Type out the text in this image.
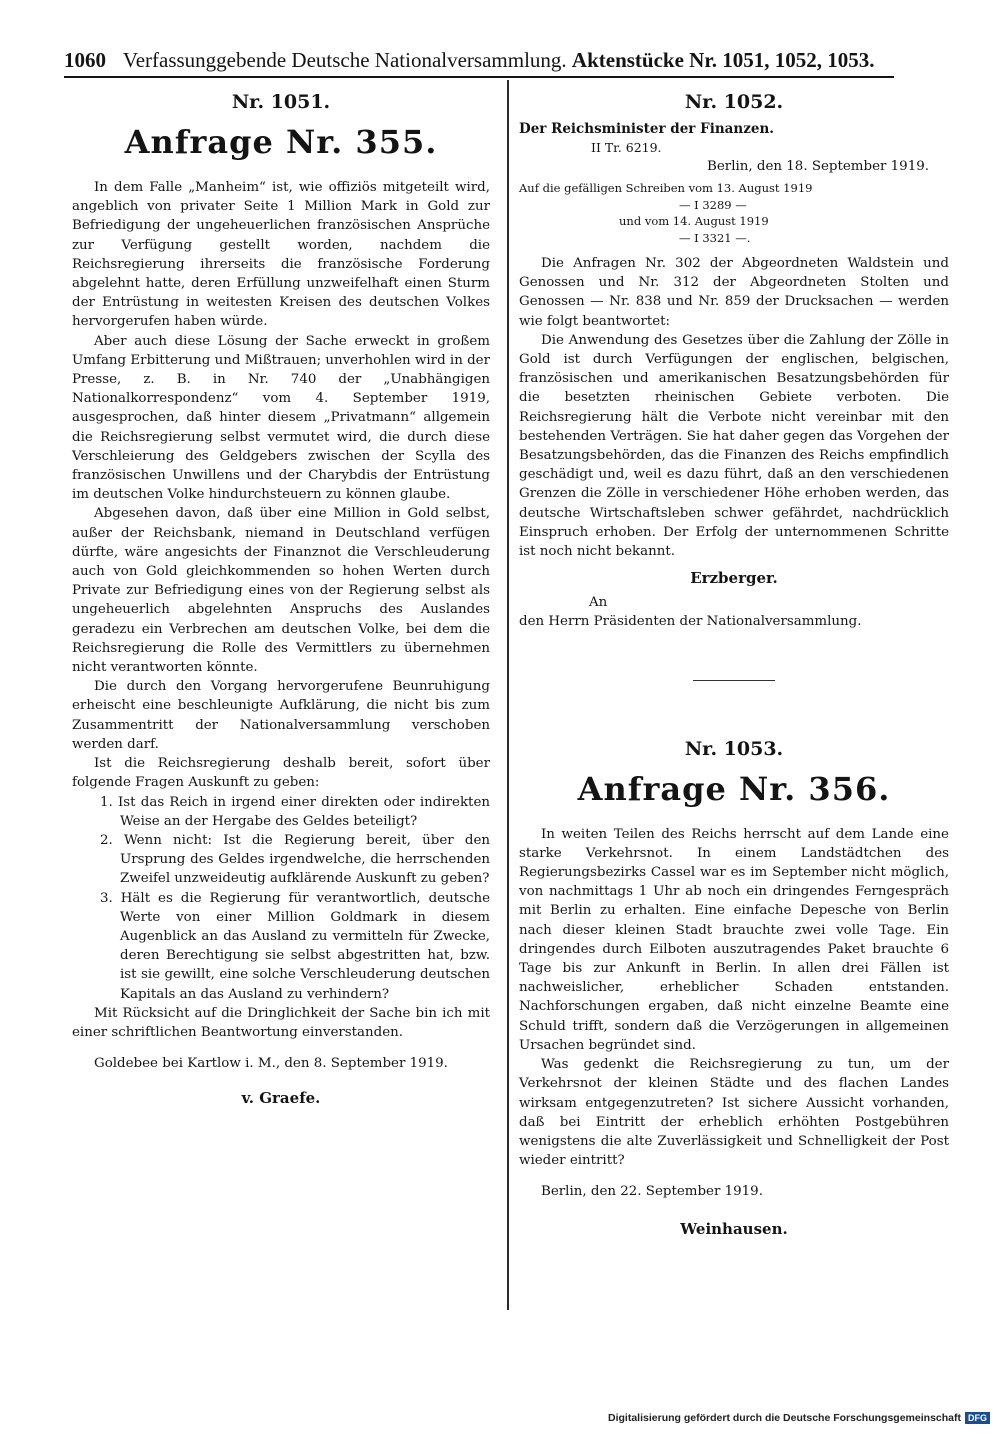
1060 Verfassunggebende Deutsche Nationalversammlung. Aktenstücke Nr. 1051, 1052, 1053.
Nr. 1051.
Anfrage Nr. 355.

In dem Falle „Manheim“ ist, wie offiziös mitgeteilt wird, angeblich von privater Seite 1 Million Mark in Gold zur Befriedigung der ungeheuerlichen französischen Ansprüche zur Verfügung gestellt worden, nachdem die Reichsregierung ihrerseits die französische Forderung abgelehnt hatte, deren Erfüllung unzweifelhaft einen Sturm der Entrüstung in weitesten Kreisen des deutschen Volkes hervorgerufen haben würde.

Aber auch diese Lösung der Sache erweckt in großem Umfang Erbitterung und Mißtrauen; unverhohlen wird in der Presse, z. B. in Nr. 740 der „Unabhängigen Nationalkorrespondenz“ vom 4. September 1919, ausgesprochen, daß hinter diesem „Privatmann“ allgemein die Reichsregierung selbst vermutet wird, die durch diese Verschleierung des Geldgebers zwischen der Scylla des französischen Unwillens und der Charybdis der Entrüstung im deutschen Volke hindurchsteuern zu können glaube.

Abgesehen davon, daß über eine Million in Gold selbst, außer der Reichsbank, niemand in Deutschland verfügen dürfte, wäre angesichts der Finanznot die Verschleuderung auch von Gold gleichkommenden so hohen Werten durch Private zur Befriedigung eines von der Regierung selbst als ungeheuerlich abgelehnten Anspruchs des Auslandes geradezu ein Verbrechen am deutschen Volke, bei dem die Reichsregierung die Rolle des Vermittlers zu übernehmen nicht verantworten könnte.

Die durch den Vorgang hervorgerufene Beunruhigung erheischt eine beschleunigte Aufklärung, die nicht bis zum Zusammentritt der Nationalversammlung verschoben werden darf.

Ist die Reichsregierung deshalb bereit, sofort über folgende Fragen Auskunft zu geben:

1. Ist das Reich in irgend einer direkten oder indirekten Weise an der Hergabe des Geldes beteiligt?

2. Wenn nicht: Ist die Regierung bereit, über den Ursprung des Geldes irgendwelche, die herrschenden Zweifel unzweideutig aufklärende Auskunft zu geben?

3. Hält es die Regierung für verantwortlich, deutsche Werte von einer Million Goldmark in diesem Augenblick an das Ausland zu vermitteln für Zwecke, deren Berechtigung sie selbst abgestritten hat, bzw. ist sie gewillt, eine solche Verschleuderung deutschen Kapitals an das Ausland zu verhindern?

Mit Rücksicht auf die Dringlichkeit der Sache bin ich mit einer schriftlichen Beantwortung einverstanden.

Goldebee bei Kartlow i. M., den 8. September 1919.
v. Graefe.
Nr. 1052.
Der Reichsminister der Finanzen.
II Tr. 6219.
Berlin, den 18. September 1919.
Auf die gefälligen Schreiben vom 13. August 1919
— I 3289 —
und vom 14. August 1919
— I 3321 —.

Die Anfragen Nr. 302 der Abgeordneten Waldstein und Genossen und Nr. 312 der Abgeordneten Stolten und Genossen — Nr. 838 und Nr. 859 der Drucksachen — werden wie folgt beantwortet:

Die Anwendung des Gesetzes über die Zahlung der Zölle in Gold ist durch Verfügungen der englischen, belgischen, französischen und amerikanischen Besatzungsbehörden für die besetzten rheinischen Gebiete verboten. Die Reichsregierung hält die Verbote nicht vereinbar mit den bestehenden Verträgen. Sie hat daher gegen das Vorgehen der Besatzungsbehörden, das die Finanzen des Reichs empfindlich geschädigt und, weil es dazu führt, daß an den verschiedenen Grenzen die Zölle in verschiedener Höhe erhoben werden, das deutsche Wirtschaftsleben schwer gefährdet, nachdrücklich Einspruch erhoben. Der Erfolg der unternommenen Schritte ist noch nicht bekannt.

Erzberger.
An
den Herrn Präsidenten der Nationalversammlung.
Nr. 1053.
Anfrage Nr. 356.

In weiten Teilen des Reichs herrscht auf dem Lande eine starke Verkehrsnot. In einem Landstädtchen des Regierungsbezirks Cassel war es im September nicht möglich, von nachmittags 1 Uhr ab noch ein dringendes Ferngespräch mit Berlin zu erhalten. Eine einfache Depesche von Berlin nach dieser kleinen Stadt brauchte zwei volle Tage. Ein dringendes durch Eilboten auszutragendes Paket brauchte 6 Tage bis zur Ankunft in Berlin. In allen drei Fällen ist nachweislicher, erheblicher Schaden entstanden. Nachforschungen ergaben, daß nicht einzelne Beamte eine Schuld trifft, sondern daß die Verzögerungen in allgemeinen Ursachen begründet sind.

Was gedenkt die Reichsregierung zu tun, um der Verkehrsnot der kleinen Städte und des flachen Landes wirksam entgegenzutreten? Ist sichere Aussicht vorhanden, daß bei Eintritt der erheblich erhöhten Postgebühren wenigstens die alte Zuverlässigkeit und Schnelligkeit der Post wieder eintritt?

Berlin, den 22. September 1919.
Weinhausen.
Digitalisierung gefördert durch die Deutsche Forschungsgemeinschaft DFG
